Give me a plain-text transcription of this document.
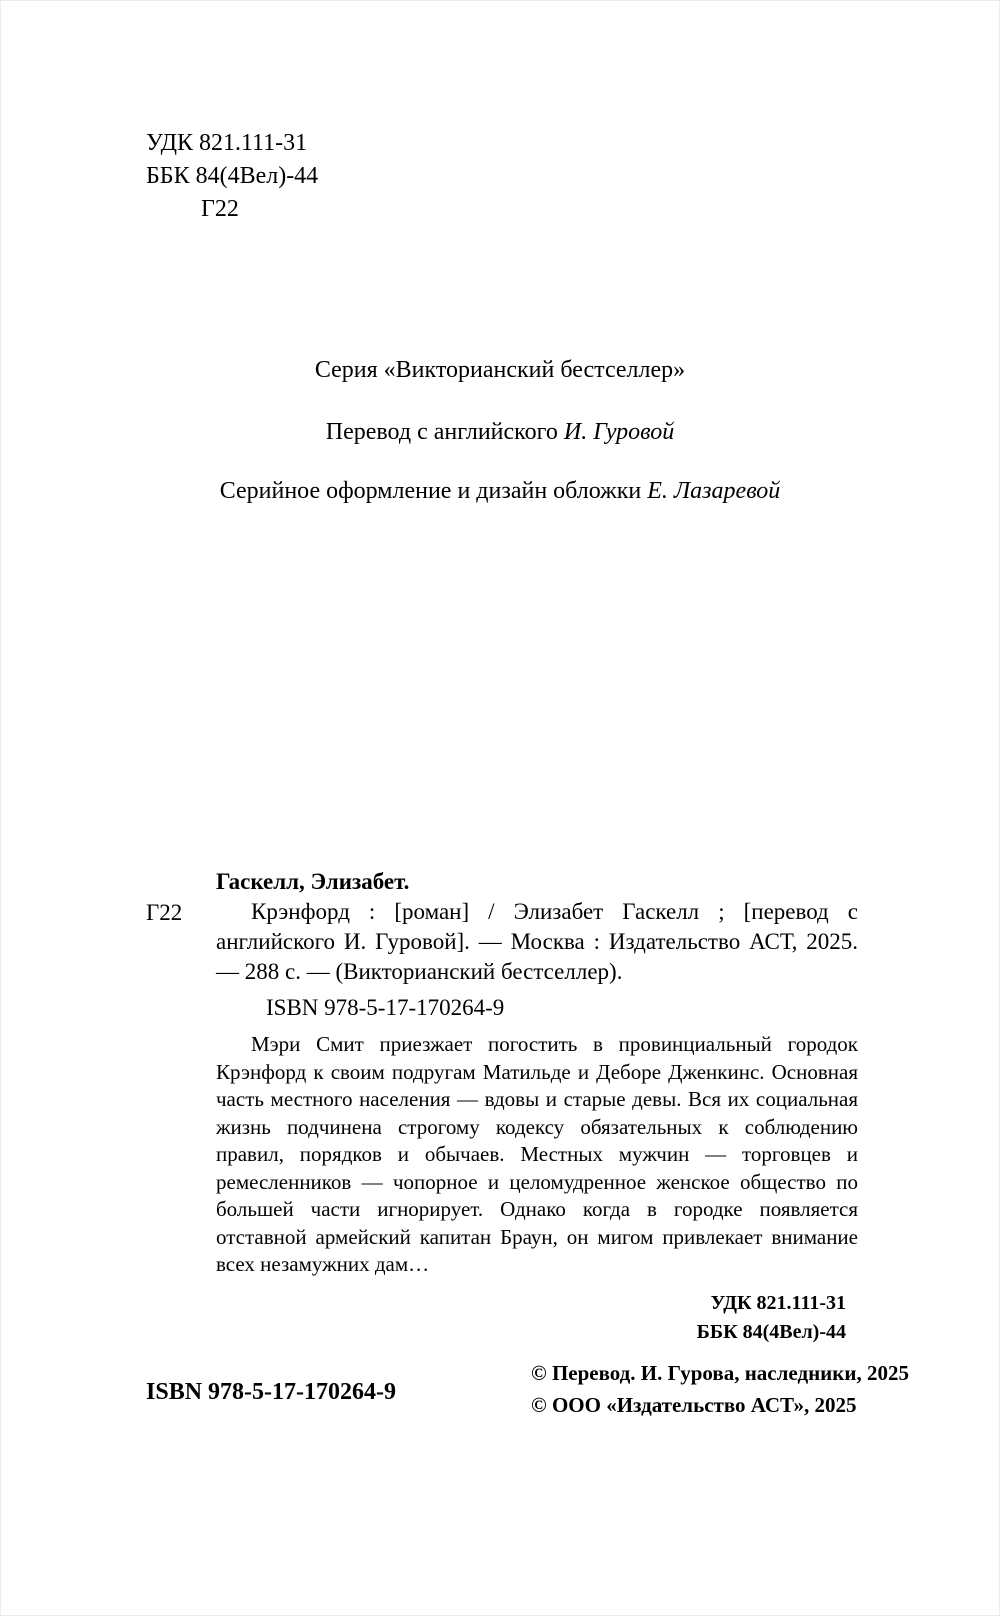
УДК 821.111-31
ББК 84(4Вел)-44
Г22
Серия «Викторианский бестселлер»
Перевод с английского И. Гуровой
Серийное оформление и дизайн обложки Е. Лазаревой
Гаскелл, Элизабет.
Г22	Крэнфорд : [роман] / Элизабет Гаскелл ; [перевод с английского И. Гуровой]. — Москва : Издательство АСТ, 2025. — 288 с. — (Викторианский бестселлер).

ISBN 978-5-17-170264-9

Мэри Смит приезжает погостить в провинциальный городок Крэнфорд к своим подругам Матильде и Деборе Дженкинс. Основная часть местного населения — вдовы и старые девы. Вся их социальная жизнь подчинена строгому кодексу обязательных к соблюдению правил, порядков и обычаев. Местных мужчин — торговцев и ремесленников — чопорное и целомудренное женское общество по большей части игнорирует. Однако когда в городке появляется отставной армейский капитан Браун, он мигом привлекает внимание всех незамужних дам…

УДК 821.111-31
ББК 84(4Вел)-44
ISBN 978-5-17-170264-9
© Перевод. И. Гурова, наследники, 2025
© ООО «Издательство АСТ», 2025
